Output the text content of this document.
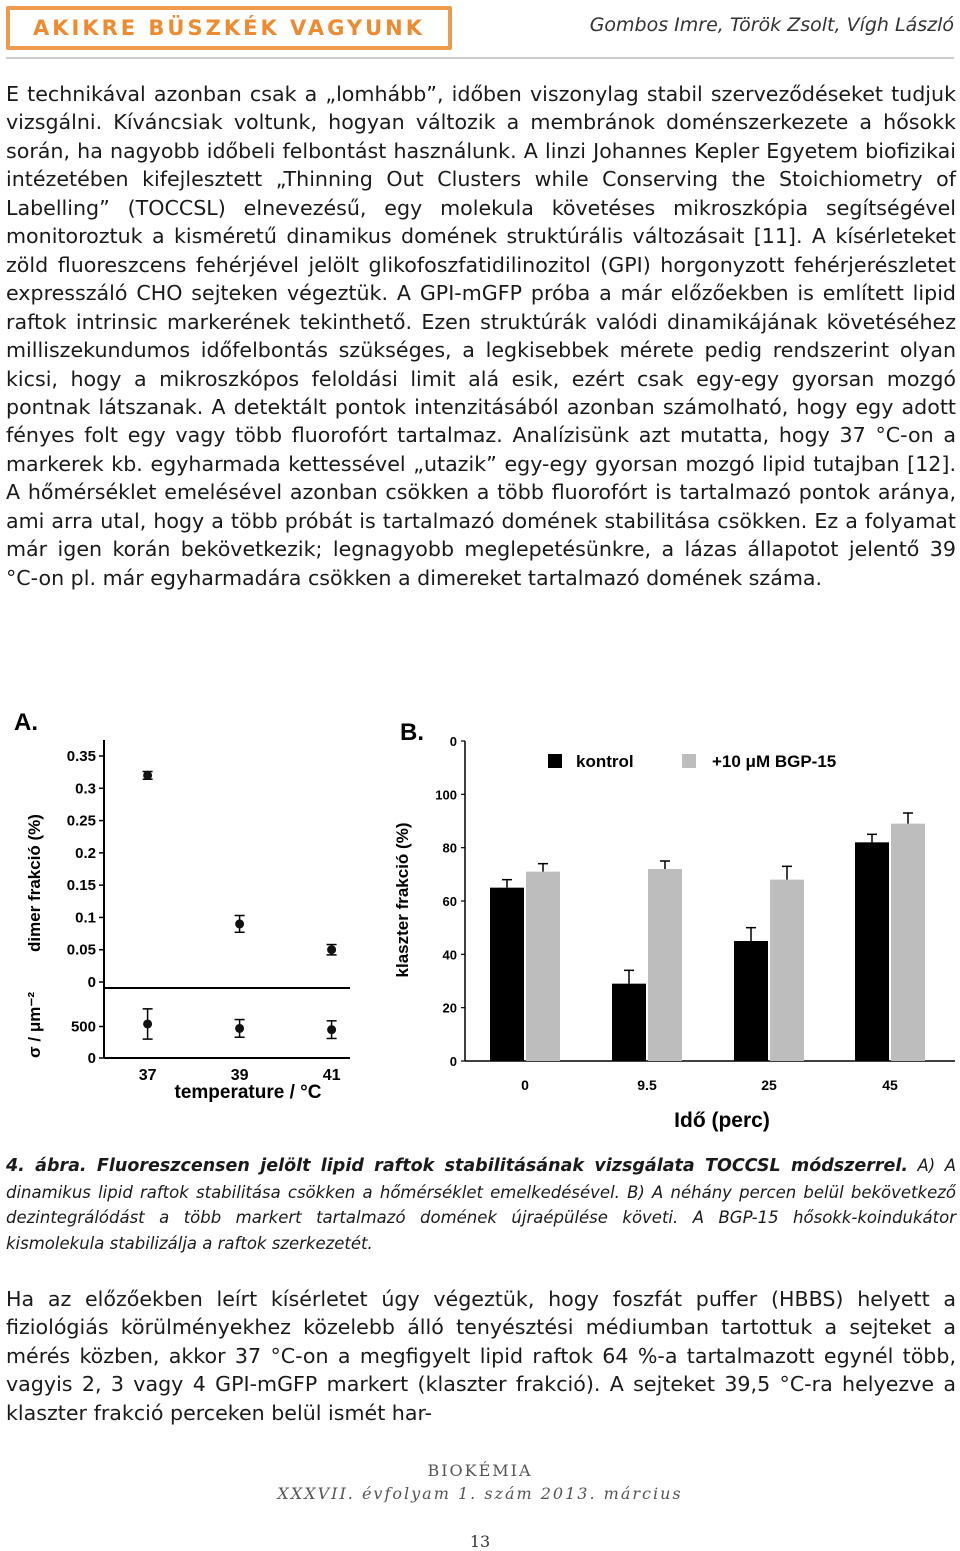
AKIKRE BÜSZKÉK VAGYUNK	Gombos Imre, Török Zsolt, Vígh László

E technikával azonban csak a „lomhább”, időben viszonylag stabil szerveződéseket tudjuk vizsgálni. Kíváncsiak voltunk, hogyan változik a membránok doménszerkezete a hősokk során, ha nagyobb időbeli felbontást használunk. A linzi Johannes Kepler Egyetem biofizikai intézetében kifejlesztett „Thinning Out Clusters while Conserving the Stoichiometry of Labelling” (TOCCSL) elnevezésű, egy molekula követéses mikroszkópia segítségével monitoroztuk a kisméretű dinamikus domének struktúrális változásait [11]. A kísérleteket zöld fluoreszcens fehérjével jelölt glikofoszfatidilinozitol (GPI) horgonyzott fehérjerészletet expresszáló CHO sejteken végeztük. A GPI-mGFP próba a már előzőekben is említett lipid raftok intrinsic markerének tekinthető. Ezen struktúrák valódi dinamikájának követéséhez milliszekundumos időfelbontás szükséges, a legkisebbek mérete pedig rendszerint olyan kicsi, hogy a mikroszkópos feloldási limit alá esik, ezért csak egy-egy gyorsan mozgó pontnak látszanak. A detektált pontok intenzitásából azonban számolható, hogy egy adott fényes folt egy vagy több fluorofórt tartalmaz. Analízisünk azt mutatta, hogy 37 °C-on a markerek kb. egyharmada kettessével „utazik” egy-egy gyorsan mozgó lipid tutajban [12]. A hőmérséklet emelésével azonban csökken a több fluorofórt is tartalmazó pontok aránya, ami arra utal, hogy a több próbát is tartalmazó domének stabilitása csökken. Ez a folyamat már igen korán bekövetkezik; legnagyobb meglepetésünkre, a lázas állapotot jelentő 39 °C-on pl. már egyharmadára csökken a dimereket tartalmazó domének száma.

A.
0
0.05
0.1
0.15
0.2
0.25
0.3
0.35
0
500
37	39	41
temperature / °C
dimer frakció (%)
σ / μm⁻²
B.
0
20
40
60
80
100
0
0	9.5	25	45
Idő (perc)
klaszter frakció (%)
kontrol	+10 μM BGP-15

4. ábra. Fluoreszcensen jelölt lipid raftok stabilitásának vizsgálata TOCCSL módszerrel. A) A dinamikus lipid raftok stabilitása csökken a hőmérséklet emelkedésével. B) A néhány percen belül bekövetkező dezintegrálódást a több markert tartalmazó domének újraépülése követi. A BGP-15 hősokk-koindukátor kismolekula stabilizálja a raftok szerkezetét.

Ha az előzőekben leírt kísérletet úgy végeztük, hogy foszfát puffer (HBBS) helyett a fiziológiás körülményekhez közelebb álló tenyésztési médiumban tartottuk a sejteket a mérés közben, akkor 37 °C-on a megfigyelt lipid raftok 64 %-a tartalmazott egynél több, vagyis 2, 3 vagy 4 GPI-mGFP markert (klaszter frakció). A sejteket 39,5 °C-ra helyezve a klaszter frakció perceken belül ismét har-

BIOKÉMIA
XXXVII. évfolyam 1. szám 2013. március
13
